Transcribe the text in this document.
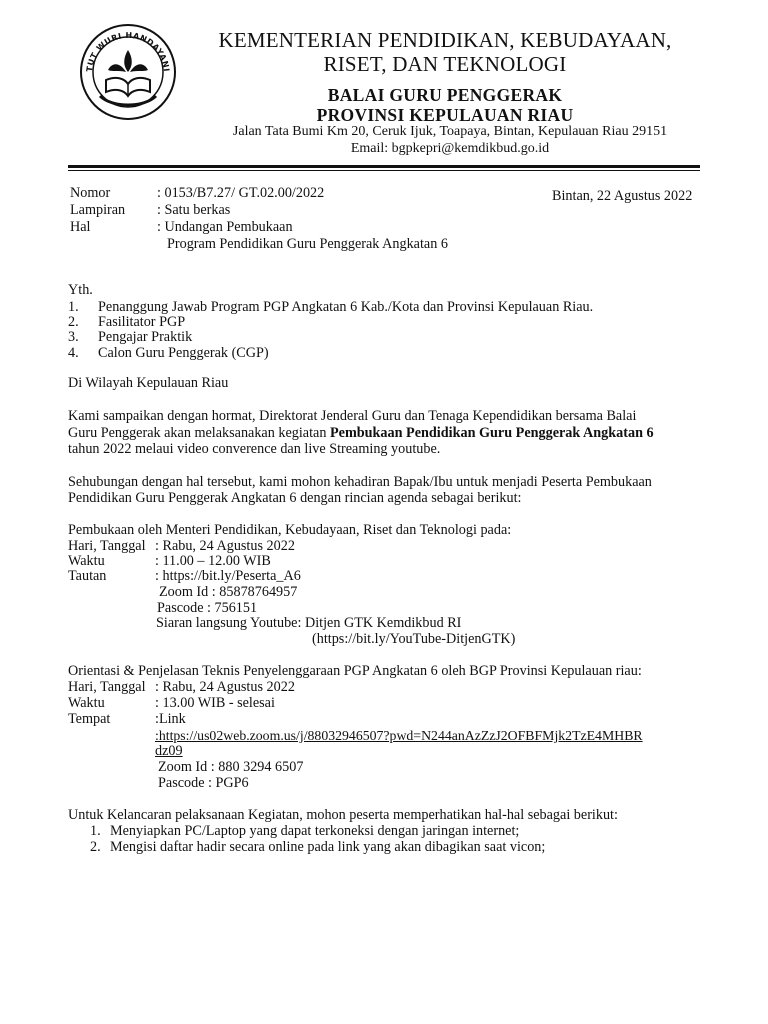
TUT WURI HANDAYANI
KEMENTERIAN PENDIDIKAN, KEBUDAYAAN,
RISET, DAN TEKNOLOGI
BALAI GURU PENGGERAK
PROVINSI KEPULAUAN RIAU
Jalan Tata Bumi Km 20, Ceruk Ijuk, Toapaya, Bintan, Kepulauan Riau 29151
Email: bgpkepri@kemdikbud.go.id
Nomor	: 0153/B7.27/ GT.02.00/2022
Lampiran : Satu berkas
Hal	: Undangan Pembukaan
Program Pendidikan Guru Penggerak Angkatan 6
Bintan, 22 Agustus 2022
Yth.
1. Penanggung Jawab Program PGP Angkatan 6 Kab./Kota dan Provinsi Kepulauan Riau.
2. Fasilitator PGP
3. Pengajar Praktik
4. Calon Guru Penggerak (CGP)
Di Wilayah Kepulauan Riau
Kami sampaikan dengan hormat, Direktorat Jenderal Guru dan Tenaga Kependidikan bersama Balai
Guru Penggerak akan melaksanakan kegiatan Pembukaan Pendidikan Guru Penggerak Angkatan 6
tahun 2022 melaui video converence dan live Streaming youtube.
Sehubungan dengan hal tersebut, kami mohon kehadiran Bapak/Ibu untuk menjadi Peserta Pembukaan
Pendidikan Guru Penggerak Angkatan 6 dengan rincian agenda sebagai berikut:
Pembukaan oleh Menteri Pendidikan, Kebudayaan, Riset dan Teknologi pada:
Hari, Tanggal : Rabu, 24 Agustus 2022
Waktu	: 11.00 – 12.00 WIB
Tautan	: https://bit.ly/Peserta_A6
Zoom Id : 85878764957
Pascode : 756151
Siaran langsung Youtube: Ditjen GTK Kemdikbud RI
(https://bit.ly/YouTube-DitjenGTK)
Orientasi & Penjelasan Teknis Penyelenggaraan PGP Angkatan 6 oleh BGP Provinsi Kepulauan riau:
Hari, Tanggal : Rabu, 24 Agustus 2022
Waktu	: 13.00 WIB - selesai
Tempat	:Link
:https://us02web.zoom.us/j/88032946507?pwd=N244anAzZzJ2OFBFMjk2TzE4MHBR
dz09
Zoom Id : 880 3294 6507
Pascode : PGP6
Untuk Kelancaran pelaksanaan Kegiatan, mohon peserta memperhatikan hal-hal sebagai berikut:
1. Menyiapkan PC/Laptop yang dapat terkoneksi dengan jaringan internet;
2. Mengisi daftar hadir secara online pada link yang akan dibagikan saat vicon;
